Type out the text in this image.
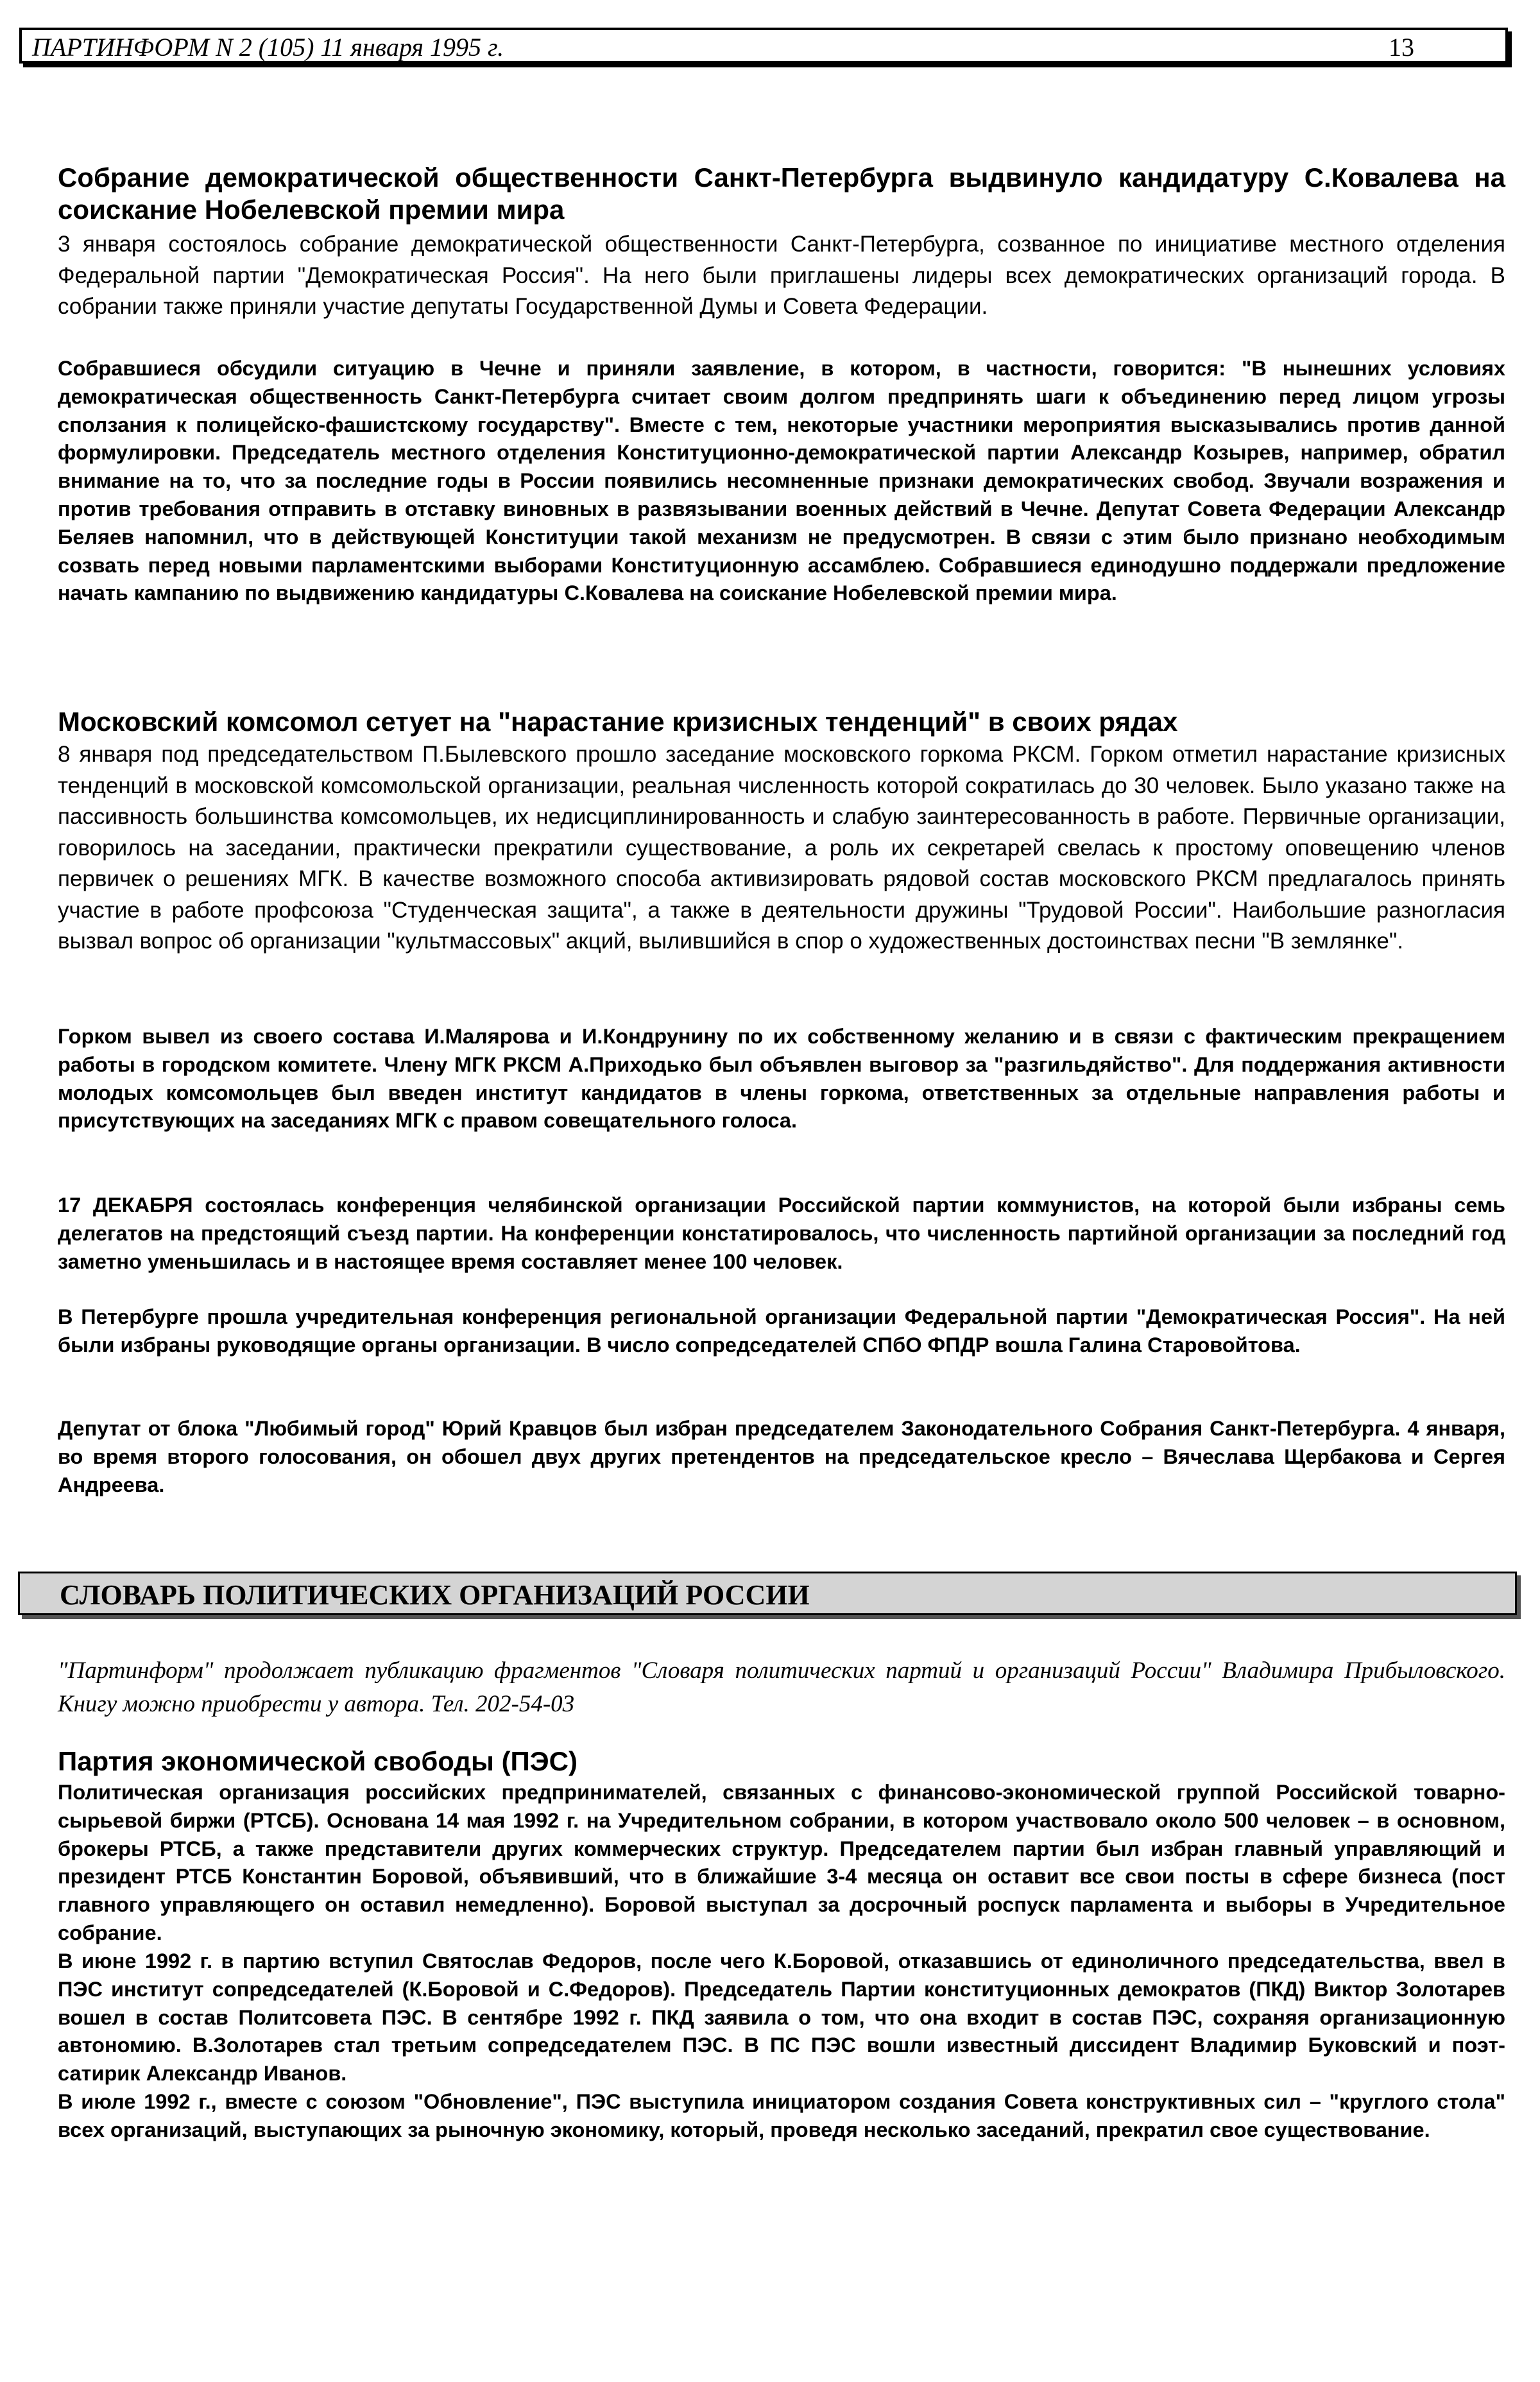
ПАРТИНФОРМ N 2 (105) 11 января 1995 г.	13
Собрание демократической общественности Санкт-Петербурга выдвинуло кандидатуру С.Ковалева на соискание Нобелевской премии мира

3 января состоялось собрание демократической общественности Санкт-Петербурга, созванное по инициативе местного отделения Федеральной партии "Демократическая Россия". На него были приглашены лидеры всех демократических организаций города. В собрании также приняли участие депутаты Государственной Думы и Совета Федерации.

Собравшиеся обсудили ситуацию в Чечне и приняли заявление, в котором, в частности, говорится: "В нынешних условиях демократическая общественность Санкт-Петербурга считает своим долгом предпринять шаги к объединению перед лицом угрозы сползания к полицейско-фашистскому государству". Вместе с тем, некоторые участники мероприятия высказывались против данной формулировки. Председатель местного отделения Конституционно-демократической партии Александр Козырев, например, обратил внимание на то, что за последние годы в России появились несомненные признаки демократических свобод. Звучали возражения и против требования отправить в отставку виновных в развязывании военных действий в Чечне. Депутат Совета Федерации Александр Беляев напомнил, что в действующей Конституции такой механизм не предусмотрен. В связи с этим было признано необходимым созвать перед новыми парламентскими выборами Конституционную ассамблею. Собравшиеся единодушно поддержали предложение начать кампанию по выдвижению кандидатуры С.Ковалева на соискание Нобелевской премии мира.

Московский комсомол сетует на "нарастание кризисных тенденций" в своих рядах

8 января под председательством П.Былевского прошло заседание московского горкома РКСМ. Горком отметил нарастание кризисных тенденций в московской комсомольской организации, реальная численность которой сократилась до 30 человек. Было указано также на пассивность большинства комсомольцев, их недисциплинированность и слабую заинтересованность в работе. Первичные организации, говорилось на заседании, практически прекратили существование, а роль их секретарей свелась к простому оповещению членов первичек о решениях МГК. В качестве возможного способа активизировать рядовой состав московского РКСМ предлагалось принять участие в работе профсоюза "Студенческая защита", а также в деятельности дружины "Трудовой России". Наибольшие разногласия вызвал вопрос об организации "культмассовых" акций, вылившийся в спор о художественных достоинствах песни "В землянке".

Горком вывел из своего состава И.Малярова и И.Кондрунину по их собственному желанию и в связи с фактическим прекращением работы в городском комитете. Члену МГК РКСМ А.Приходько был объявлен выговор за "разгильдяйство". Для поддержания активности молодых комсомольцев был введен институт кандидатов в члены горкома, ответственных за отдельные направления работы и присутствующих на заседаниях МГК с правом совещательного голоса.

17 ДЕКАБРЯ состоялась конференция челябинской организации Российской партии коммунистов, на которой были избраны семь делегатов на предстоящий съезд партии. На конференции констатировалось, что численность партийной организации за последний год заметно уменьшилась и в настоящее время составляет менее 100 человек.

В Петербурге прошла учредительная конференция региональной организации Федеральной партии "Демократическая Россия". На ней были избраны руководящие органы организации. В число сопредседателей СПбО ФПДР вошла Галина Старовойтова.

Депутат от блока "Любимый город" Юрий Кравцов был избран председателем Законодательного Собрания Санкт-Петербурга. 4 января, во время второго голосования, он обошел двух других претендентов на председательское кресло – Вячеслава Щербакова и Сергея Андреева.

СЛОВАРЬ ПОЛИТИЧЕСКИХ ОРГАНИЗАЦИЙ РОССИИ

"Партинформ" продолжает публикацию фрагментов "Словаря политических партий и организаций России" Владимира Прибыловского. Книгу можно приобрести у автора. Тел. 202-54-03

Партия экономической свободы (ПЭС)

Политическая организация российских предпринимателей, связанных с финансово-экономической группой Российской товарно-сырьевой биржи (РТСБ). Основана 14 мая 1992 г. на Учредительном собрании, в котором участвовало около 500 человек – в основном, брокеры РТСБ, а также представители других коммерческих структур. Председателем партии был избран главный управляющий и президент РТСБ Константин Боровой, объявивший, что в ближайшие 3-4 месяца он оставит все свои посты в сфере бизнеса (пост главного управляющего он оставил немедленно). Боровой выступал за досрочный роспуск парламента и выборы в Учредительное собрание.

В июне 1992 г. в партию вступил Святослав Федоров, после чего К.Боровой, отказавшись от единоличного председательства, ввел в ПЭС институт сопредседателей (К.Боровой и С.Федоров). Председатель Партии конституционных демократов (ПКД) Виктор Золотарев вошел в состав Политсовета ПЭС. В сентябре 1992 г. ПКД заявила о том, что она входит в состав ПЭС, сохраняя организационную автономию. В.Золотарев стал третьим сопредседателем ПЭС. В ПС ПЭС вошли известный диссидент Владимир Буковский и поэт-сатирик Александр Иванов.

В июле 1992 г., вместе с союзом "Обновление", ПЭС выступила инициатором создания Совета конструктивных сил – "круглого стола" всех организаций, выступающих за рыночную экономику, который, проведя несколько заседаний, прекратил свое существование.
